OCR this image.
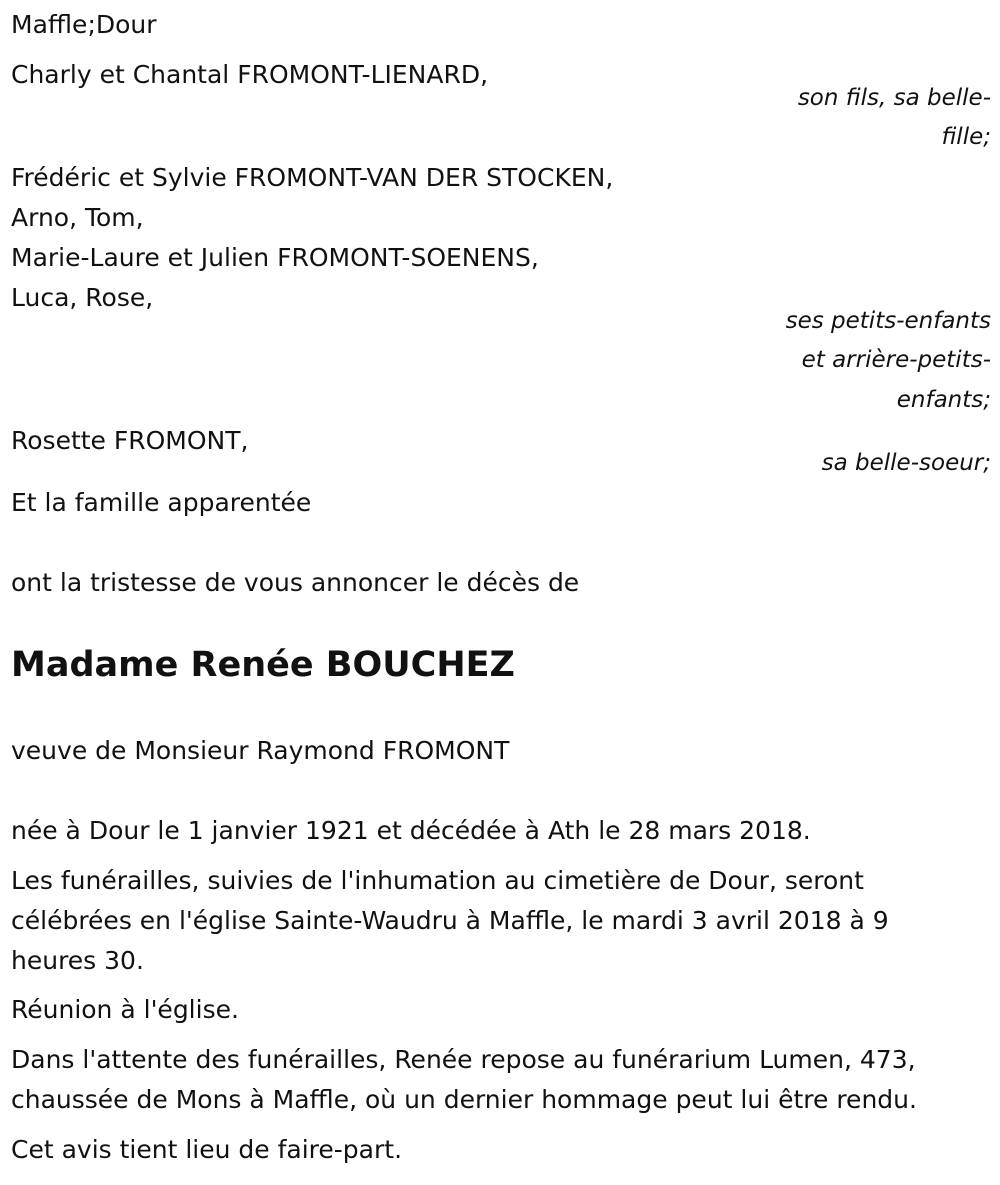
Maffle;Dour
Charly et Chantal FROMONT-LIENARD,
son fils, sa belle-
fille;
Frédéric et Sylvie FROMONT-VAN DER STOCKEN,
Arno, Tom,
Marie-Laure et Julien FROMONT-SOENENS,
Luca, Rose,
ses petits-enfants
et arrière-petits-
enfants;
Rosette FROMONT,
sa belle-soeur;
Et la famille apparentée
ont la tristesse de vous annoncer le décès de
Madame Renée BOUCHEZ
veuve de Monsieur Raymond FROMONT
née à Dour le 1 janvier 1921 et décédée à Ath le 28 mars 2018.
Les funérailles, suivies de l'inhumation au cimetière de Dour, seront
célébrées en l'église Sainte-Waudru à Maffle, le mardi 3 avril 2018 à 9
heures 30.
Réunion à l'église.
Dans l'attente des funérailles, Renée repose au funérarium Lumen, 473,
chaussée de Mons à Maffle, où un dernier hommage peut lui être rendu.
Cet avis tient lieu de faire-part.
